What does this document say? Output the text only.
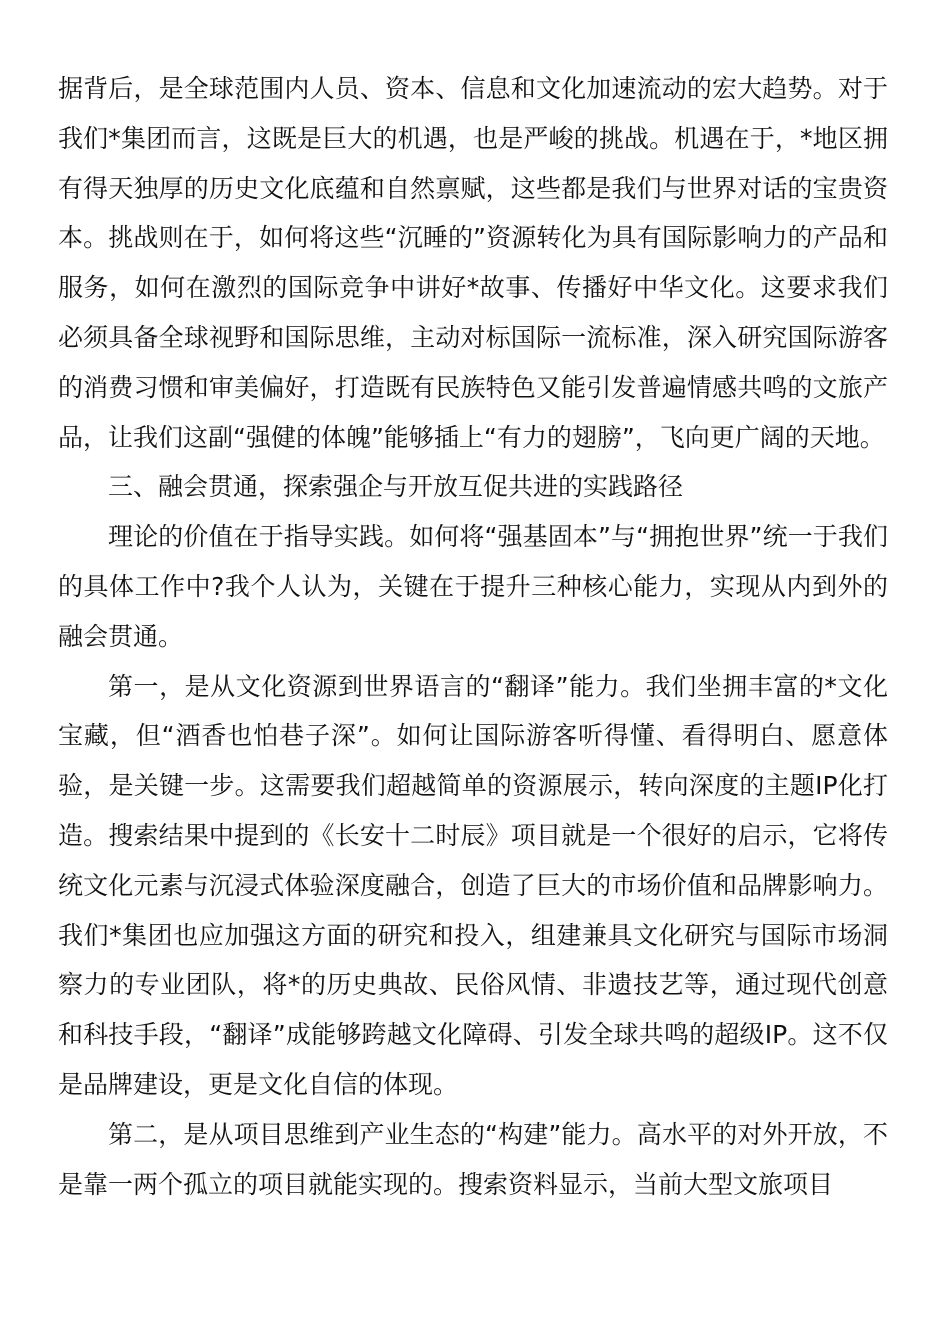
据背后，是全球范围内人员、资本、信息和文化加速流动的宏大趋势。对于我们*集团而言，这既是巨大的机遇，也是严峻的挑战。机遇在于，*地区拥有得天独厚的历史文化底蕴和自然禀赋，这些都是我们与世界对话的宝贵资本。挑战则在于，如何将这些“沉睡的”资源转化为具有国际影响力的产品和服务，如何在激烈的国际竞争中讲好*故事、传播好中华文化。这要求我们必须具备全球视野和国际思维，主动对标国际一流标准，深入研究国际游客的消费习惯和审美偏好，打造既有民族特色又能引发普遍情感共鸣的文旅产品，让我们这副“强健的体魄”能够插上“有力的翅膀”，飞向更广阔的天地。

三、融会贯通，探索强企与开放互促共进的实践路径

理论的价值在于指导实践。如何将“强基固本”与“拥抱世界”统一于我们的具体工作中?我个人认为，关键在于提升三种核心能力，实现从内到外的融会贯通。

第一，是从文化资源到世界语言的“翻译”能力。我们坐拥丰富的*文化宝藏，但“酒香也怕巷子深”。如何让国际游客听得懂、看得明白、愿意体验，是关键一步。这需要我们超越简单的资源展示，转向深度的主题IP化打造。搜索结果中提到的《长安十二时辰》项目就是一个很好的启示，它将传统文化元素与沉浸式体验深度融合，创造了巨大的市场价值和品牌影响力。我们*集团也应加强这方面的研究和投入，组建兼具文化研究与国际市场洞察力的专业团队，将*的历史典故、民俗风情、非遗技艺等，通过现代创意和科技手段，“翻译”成能够跨越文化障碍、引发全球共鸣的超级IP。这不仅是品牌建设，更是文化自信的体现。

第二，是从项目思维到产业生态的“构建”能力。高水平的对外开放，不是靠一两个孤立的项目就能实现的。搜索资料显示，当前大型文旅项目
